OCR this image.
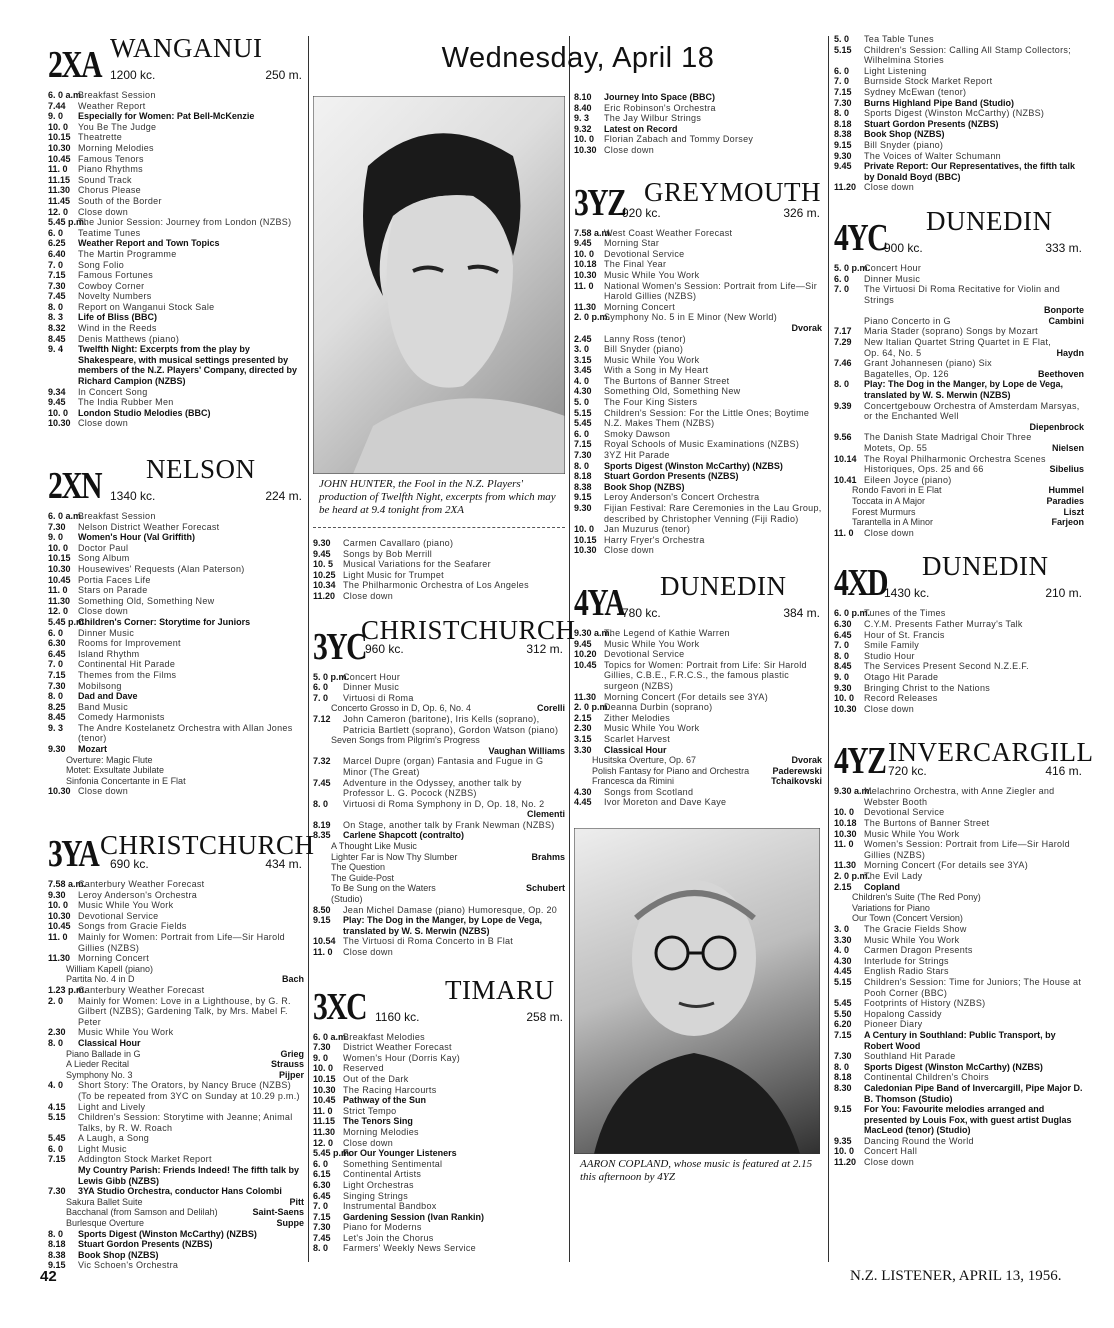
2XA WANGANUI
1200 kc.	250 m.
6. 0 a.m.
Breakfast Session
7.44	Weather Report
9. 0	Especially for Women: Pat Bell-McKenzie
10. 0	You Be The Judge
10.15 Theatrette
10.30 Morning Melodies
10.45 Famous Tenors
11. 0	Piano Rhythms
11.15 Sound Track
11.30 Chorus Please
11.45 South of the Border
12. 0	Close down
5.45 p.m.
The Junior Session: Journey from London (NZBS)
6. 0	Teatime Tunes
6.25	Weather Report and Town Topics
6.40	The Martin Programme
7. 0	Song Folio
7.15	Famous Fortunes
7.30	Cowboy Corner
7.45	Novelty Numbers
8. 0	Report on Wanganui Stock Sale
8. 3	Life of Bliss (BBC)
8.32	Wind in the Reeds
8.45	Denis Matthews (piano)
9. 4	Twelfth Night: Excerpts from the play by Shakespeare, with musical settings presented by members of the N.Z. Players' Company, directed by Richard Campion (NZBS)
9.34	In Concert Song
9.45	The India Rubber Men
10. 0	London Studio Melodies (BBC)
10.30 Close down
2XN NELSON
1340 kc.	224 m.
6. 0 a.m.
Breakfast Session
7.30	Nelson District Weather Forecast
9. 0	Women's Hour (Val Griffith)
10. 0	Doctor Paul
10.15 Song Album
10.30 Housewives' Requests (Alan Paterson)
10.45 Portia Faces Life
11. 0	Stars on Parade
11.30 Something Old, Something New
12. 0	Close down
5.45 p.m.
Children's Corner: Storytime for Juniors
6. 0	Dinner Music
6.30	Rooms for Improvement
6.45	Island Rhythm
7. 0	Continental Hit Parade
7.15	Themes from the Films
7.30	Mobilsong
8. 0	Dad and Dave
8.25	Band Music
8.45	Comedy Harmonists
9. 3	The Andre Kostelanetz Orchestra with Allan Jones (tenor)
9.30	Mozart
Overture: Magic Flute
Motet: Exsultate Jubilate
Sinfonia Concertante in E Flat
10.30 Close down
3YA CHRISTCHURCH
690 kc.	434 m.
7.58 a.m.
Canterbury Weather Forecast
9.30	Leroy Anderson's Orchestra
10. 0	Music While You Work
10.30 Devotional Service
10.45 Songs from Gracie Fields
11. 0	Mainly for Women: Portrait from Life—Sir Harold Gillies (NZBS)
11.30 Morning Concert
William Kapell (piano)
Partita No. 4 in D	Bach
1.23 p.m.
Canterbury Weather Forecast
2. 0	Mainly for Women: Love in a Lighthouse, by G. R. Gilbert (NZBS); Gardening Talk, by Mrs. Mabel F. Peter
2.30	Music While You Work
8. 0	Classical Hour
Piano Ballade in G	Grieg
A Lieder Recital	Strauss
Symphony No. 3	Pijper
4. 0	Short Story: The Orators, by Nancy Bruce (NZBS) (To be repeated from 3YC on Sunday at 10.29 p.m.)
4.15	Light and Lively
5.15	Children's Session: Storytime with Jeanne; Animal Talks, by R. W. Roach
5.45	A Laugh, a Song
6. 0	Light Music
7.15	Addington Stock Market Report
My Country Parish: Friends Indeed! The fifth talk by Lewis Gibb (NZBS)
7.30	3YA Studio Orchestra, conductor Hans Colombi
Sakura Ballet Suite	Pitt
Bacchanal (from Samson and Delilah)	Saint-Saens
Burlesque Overture	Suppe
8. 0	Sports Digest (Winston McCarthy) (NZBS)
8.18	Stuart Gordon Presents (NZBS)
8.38	Book Shop (NZBS)
9.15	Vic Schoen's Orchestra
JOHN HUNTER, the Fool in the N.Z. Players' production of Twelfth Night, excerpts from which may be heard at 9.4 tonight from 2XA
9.30	Carmen Cavallaro (piano)
9.45	Songs by Bob Merrill
10. 5	Musical Variations for the Seafarer
10.25 Light Music for Trumpet
10.34 The Philharmonic Orchestra of Los Angeles
11.20 Close down
3YC
CHRISTCHURCH
960 kc.	312 m.
5. 0 p.m.
Concert Hour
6. 0	Dinner Music
7. 0	Virtuosi di Roma
Concerto Grosso in D, Op. 6, No. 4	Corelli
7.12	John Cameron (baritone), Iris Kells (soprano), Patricia Bartlett (soprano), Gordon Watson (piano)
Seven Songs from Pilgrim's Progress
Vaughan Williams
7.32	Marcel Dupre (organ) Fantasia and Fugue in G Minor (The Great)
7.45	Adventure in the Odyssey, another talk by Professor L. G. Pocock (NZBS)
8. 0	Virtuosi di Roma Symphony in D, Op. 18, No. 2
Clementi
8.19	On Stage, another talk by Frank Newman (NZBS)
8.35	Carlene Shapcott (contralto)
A Thought Like Music
Lighter Far is Now Thy Slumber	Brahms
The Question
The Guide-Post
To Be Sung on the Waters	Schubert
(Studio)
8.50	Jean Michel Damase (piano) Humoresque, Op. 20
9.15	Play: The Dog in the Manger, by Lope de Vega, translated by W. S. Merwin (NZBS)
10.54 The Virtuosi di Roma Concerto in B Flat
11. 0	Close down
3XC	TIMARU
1160 kc.	258 m.
6. 0 a.m.
Breakfast Melodies
7.30	District Weather Forecast
9. 0	Women's Hour (Dorris Kay)
10. 0	Reserved
10.15 Out of the Dark
10.30 The Racing Harcourts
10.45 Pathway of the Sun
11. 0	Strict Tempo
11.15 The Tenors Sing
11.30 Morning Melodies
12. 0	Close down
5.45 p.m.
For Our Younger Listeners
6. 0	Something Sentimental
6.15	Continental Artists
6.30	Light Orchestras
6.45	Singing Strings
7. 0	Instrumental Bandbox
7.15	Gardening Session (Ivan Rankin)
7.30	Piano for Moderns
7.45	Let's Join the Chorus
8. 0	Farmers' Weekly News Service
Wednesday, April 18
8.10	Journey Into Space (BBC)
8.40	Eric Robinson's Orchestra
9. 3	The Jay Wilbur Strings
9.32	Latest on Record
10. 0	Florian Zabach and Tommy Dorsey
10.30 Close down
3YZ GREYMOUTH
920 kc.	326 m.
7.58 a.m.
West Coast Weather Forecast
9.45	Morning Star
10. 0	Devotional Service
10.18 The Final Year
10.30 Music While You Work
11. 0	National Women's Session: Portrait from Life—Sir Harold Gillies (NZBS)
11.30 Morning Concert
2. 0 p.m.
Symphony No. 5 in E Minor (New World)
Dvorak
2.45	Lanny Ross (tenor)
3. 0	Bill Snyder (piano)
3.15	Music While You Work
3.45	With a Song in My Heart
4. 0	The Burtons of Banner Street
4.30	Something Old, Something New
5. 0	The Four King Sisters
5.15	Children's Session: For the Little Ones; Boytime
5.45	N.Z. Makes Them (NZBS)
6. 0	Smoky Dawson
7.15	Royal Schools of Music Examinations (NZBS)
7.30	3YZ Hit Parade
8. 0	Sports Digest (Winston McCarthy) (NZBS)
8.18	Stuart Gordon Presents (NZBS)
8.38	Book Shop (NZBS)
9.15	Leroy Anderson's Concert Orchestra
9.30	Fijian Festival: Rare Ceremonies in the Lau Group, described by Christopher Venning (Fiji Radio)
10. 0	Jan Muzurus (tenor)
10.15 Harry Fryer's Orchestra
10.30 Close down
4YA DUNEDIN
780 kc.	384 m.
9.30 a.m.
The Legend of Kathie Warren
9.45	Music While You Work
10.20 Devotional Service
10.45 Topics for Women: Portrait from Life: Sir Harold Gillies, C.B.E., F.R.C.S., the famous plastic surgeon (NZBS)
11.30 Morning Concert (For details see 3YA)
2. 0 p.m.
Deanna Durbin (soprano)
2.15	Zither Melodies
2.30	Music While You Work
3.15	Scarlet Harvest
3.30	Classical Hour
Husitska Overture, Op. 67	Dvorak
Polish Fantasy for Piano and Orchestra	Paderewski
Francesca da Rimini	Tchaikovski
4.30	Songs from Scotland
4.45	Ivor Moreton and Dave Kaye
AARON COPLAND, whose music is featured at 2.15 this afternoon by 4YZ
5. 0	Tea Table Tunes
5.15	Children's Session: Calling All Stamp Collectors; Wilhelmina Stories
6. 0	Light Listening
7. 0	Burnside Stock Market Report
7.15	Sydney McEwan (tenor)
7.30	Burns Highland Pipe Band (Studio)
8. 0	Sports Digest (Winston McCarthy) (NZBS)
8.18	Stuart Gordon Presents (NZBS)
8.38	Book Shop (NZBS)
9.15	Bill Snyder (piano)
9.30	The Voices of Walter Schumann
9.45	Private Report: Our Representatives, the fifth talk by Donald Boyd (BBC)
11.20 Close down
4YC DUNEDIN
900 kc.	333 m.
5. 0 p.m.
Concert Hour
6. 0	Dinner Music
7. 0	The Virtuosi Di Roma Recitative for Violin and Strings
Bonporte
Piano Concerto in G	Cambini
7.17	Maria Stader (soprano) Songs by Mozart
7.29	New Italian Quartet String Quartet in E Flat, Op. 64, No. 5	Haydn
7.46	Grant Johannesen (piano) Six Bagatelles, Op. 126	Beethoven
8. 0	Play: The Dog in the Manger, by Lope de Vega, translated by W. S. Merwin (NZBS)
9.39	Concertgebouw Orchestra of Amsterdam Marsyas, or the Enchanted Well
Diepenbrock
9.56	The Danish State Madrigal Choir Three Motets, Op. 55	Nielsen
10.14 The Royal Philharmonic Orchestra Scenes Historiques, Ops. 25 and 66	Sibelius
10.41 Eileen Joyce (piano)
Rondo Favori in E Flat	Hummel
Toccata in A Major	Paradies
Forest Murmurs	Liszt
Tarantella in A Minor	Farjeon
11. 0	Close down
4XD DUNEDIN
1430 kc.	210 m.
6. 0 p.m.
Tunes of the Times
6.30	C.Y.M. Presents Father Murray's Talk
6.45	Hour of St. Francis
7. 0	Smile Family
8. 0	Studio Hour
8.45	The Services Present Second N.Z.E.F.
9. 0	Otago Hit Parade
9.30	Bringing Christ to the Nations
10. 0	Record Releases
10.30 Close down
4YZ INVERCARGILL
720 kc.	416 m.
9.30 a.m.
Melachrino Orchestra, with Anne Ziegler and Webster Booth
10. 0	Devotional Service
10.18 The Burtons of Banner Street
10.30 Music While You Work
11. 0	Women's Session: Portrait from Life—Sir Harold Gillies (NZBS)
11.30 Morning Concert (For details see 3YA)
2. 0 p.m.
The Evil Lady
2.15	Copland
Children's Suite (The Red Pony)
Variations for Piano
Our Town (Concert Version)
3. 0	The Gracie Fields Show
3.30	Music While You Work
4. 0	Carmen Dragon Presents
4.30	Interlude for Strings
4.45	English Radio Stars
5.15	Children's Session: Time for Juniors; The House at Pooh Corner (BBC)
5.45	Footprints of History (NZBS)
5.50	Hopalong Cassidy
6.20	Pioneer Diary
7.15	A Century in Southland: Public Transport, by Robert Wood
7.30	Southland Hit Parade
8. 0	Sports Digest (Winston McCarthy) (NZBS)
8.18	Continental Children's Choirs
8.30	Caledonian Pipe Band of Invercargill, Pipe Major D. B. Thomson (Studio)
9.15	For You: Favourite melodies arranged and presented by Louis Fox, with guest artist Duglas MacLeod (tenor) (Studio)
9.35	Dancing Round the World
10. 0	Concert Hall
11.20 Close down
42	N.Z. LISTENER, APRIL 13, 1956.
